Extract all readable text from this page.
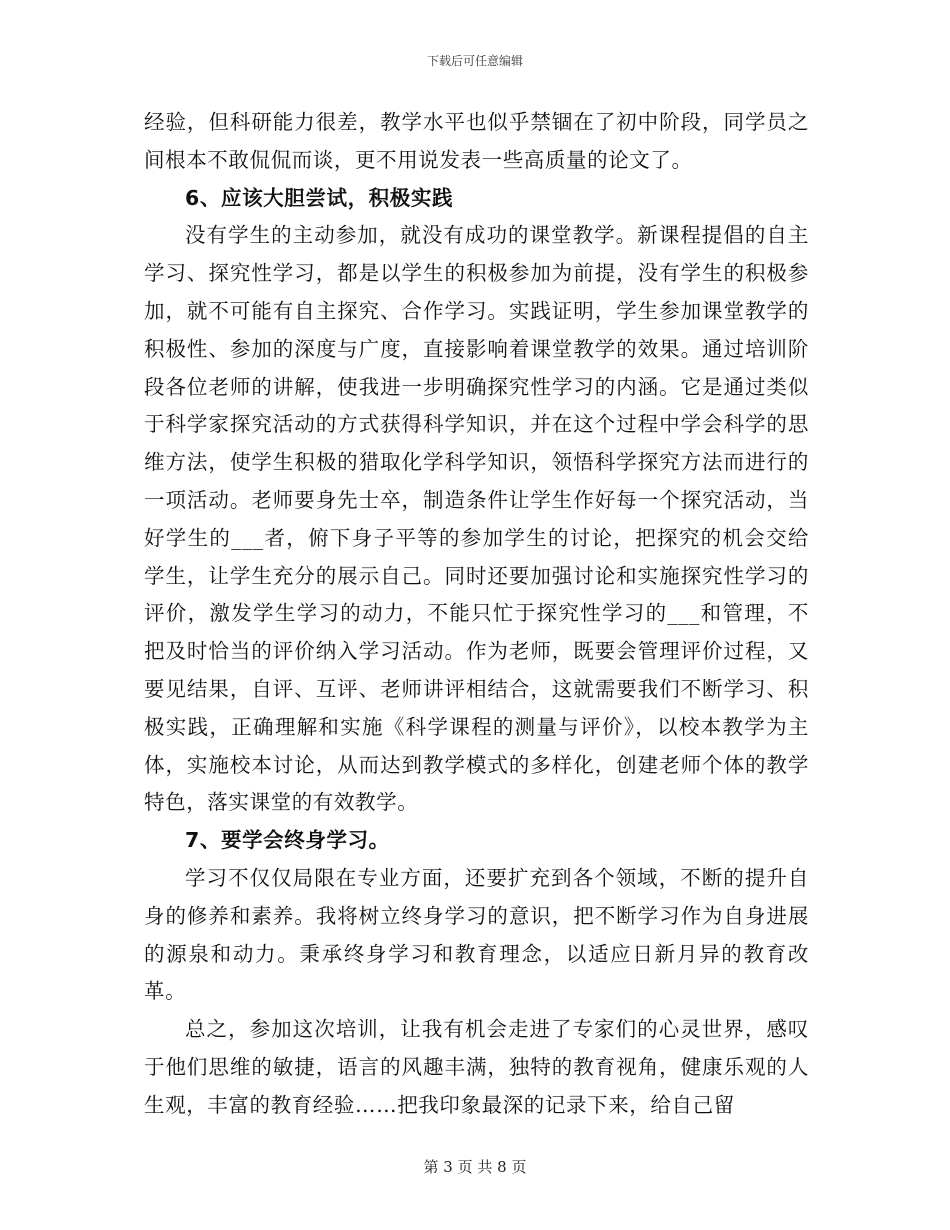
下载后可任意编辑

经验，但科研能力很差，教学水平也似乎禁锢在了初中阶段，同学员之间根本不敢侃侃而谈，更不用说发表一些高质量的论文了。

6、应该大胆尝试，积极实践

没有学生的主动参加，就没有成功的课堂教学。新课程提倡的自主学习、探究性学习，都是以学生的积极参加为前提，没有学生的积极参加，就不可能有自主探究、合作学习。实践证明，学生参加课堂教学的积极性、参加的深度与广度，直接影响着课堂教学的效果。通过培训阶段各位老师的讲解，使我进一步明确探究性学习的内涵。它是通过类似于科学家探究活动的方式获得科学知识，并在这个过程中学会科学的思维方法，使学生积极的猎取化学科学知识，领悟科学探究方法而进行的一项活动。老师要身先士卒，制造条件让学生作好每一个探究活动，当好学生的___者，俯下身子平等的参加学生的讨论，把探究的机会交给学生，让学生充分的展示自己。同时还要加强讨论和实施探究性学习的评价，激发学生学习的动力，不能只忙于探究性学习的___和管理，不把及时恰当的评价纳入学习活动。作为老师，既要会管理评价过程，又要见结果，自评、互评、老师讲评相结合，这就需要我们不断学习、积极实践，正确理解和实施《科学课程的测量与评价》，以校本教学为主体，实施校本讨论，从而达到教学模式的多样化，创建老师个体的教学特色，落实课堂的有效教学。

7、要学会终身学习。

学习不仅仅局限在专业方面，还要扩充到各个领域，不断的提升自身的修养和素养。我将树立终身学习的意识，把不断学习作为自身进展的源泉和动力。秉承终身学习和教育理念，以适应日新月异的教育改革。

总之，参加这次培训，让我有机会走进了专家们的心灵世界，感叹于他们思维的敏捷，语言的风趣丰满，独特的教育视角，健康乐观的人生观，丰富的教育经验……把我印象最深的记录下来，给自己留

第 3 页 共 8 页
